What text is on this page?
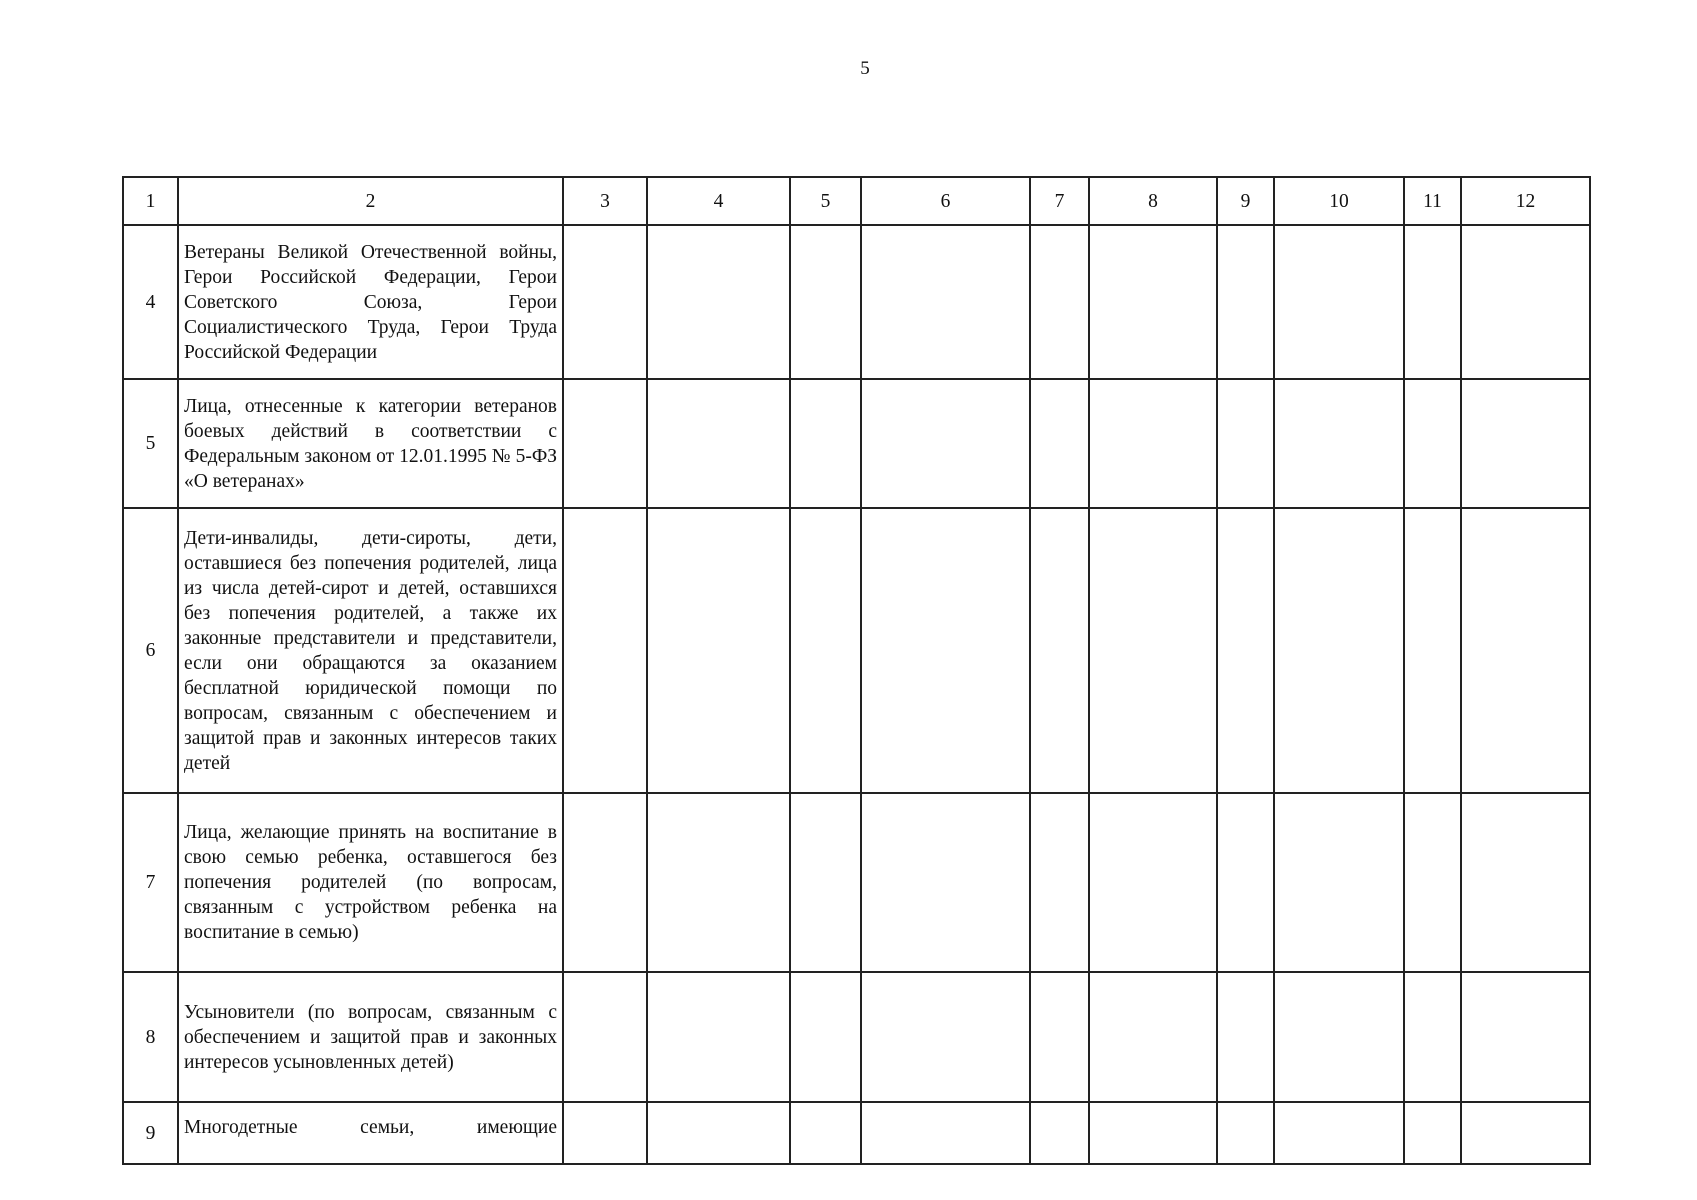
5
1	2	3	4	5	6	7	8	9	10	11	12
4	Ветераны Великой Отечественной войны, Герои Российской Федерации, Герои Советского Союза, Герои Социалистического Труда, Герои Труда Российской Федерации										
5	Лица, отнесенные к категории ветеранов боевых действий в соответствии с Федеральным законом от 12.01.1995 № 5-ФЗ «О ветеранах»										
6	Дети-инвалиды, дети-сироты, дети, оставшиеся без попечения родителей, лица из числа детей-сирот и детей, оставшихся без попечения родителей, а также их законные представители и представители, если они обращаются за оказанием бесплатной юридической помощи по вопросам, связанным с обеспечением и защитой прав и законных интересов таких детей										
7	Лица, желающие принять на воспитание в свою семью ребенка, оставшегося без попечения родителей (по вопросам, связанным с устройством ребенка на воспитание в семью)										
8	Усыновители (по вопросам, связанным с обеспечением и защитой прав и законных интересов усыновленных детей)										
9	Многодетные семьи, имеющие										
